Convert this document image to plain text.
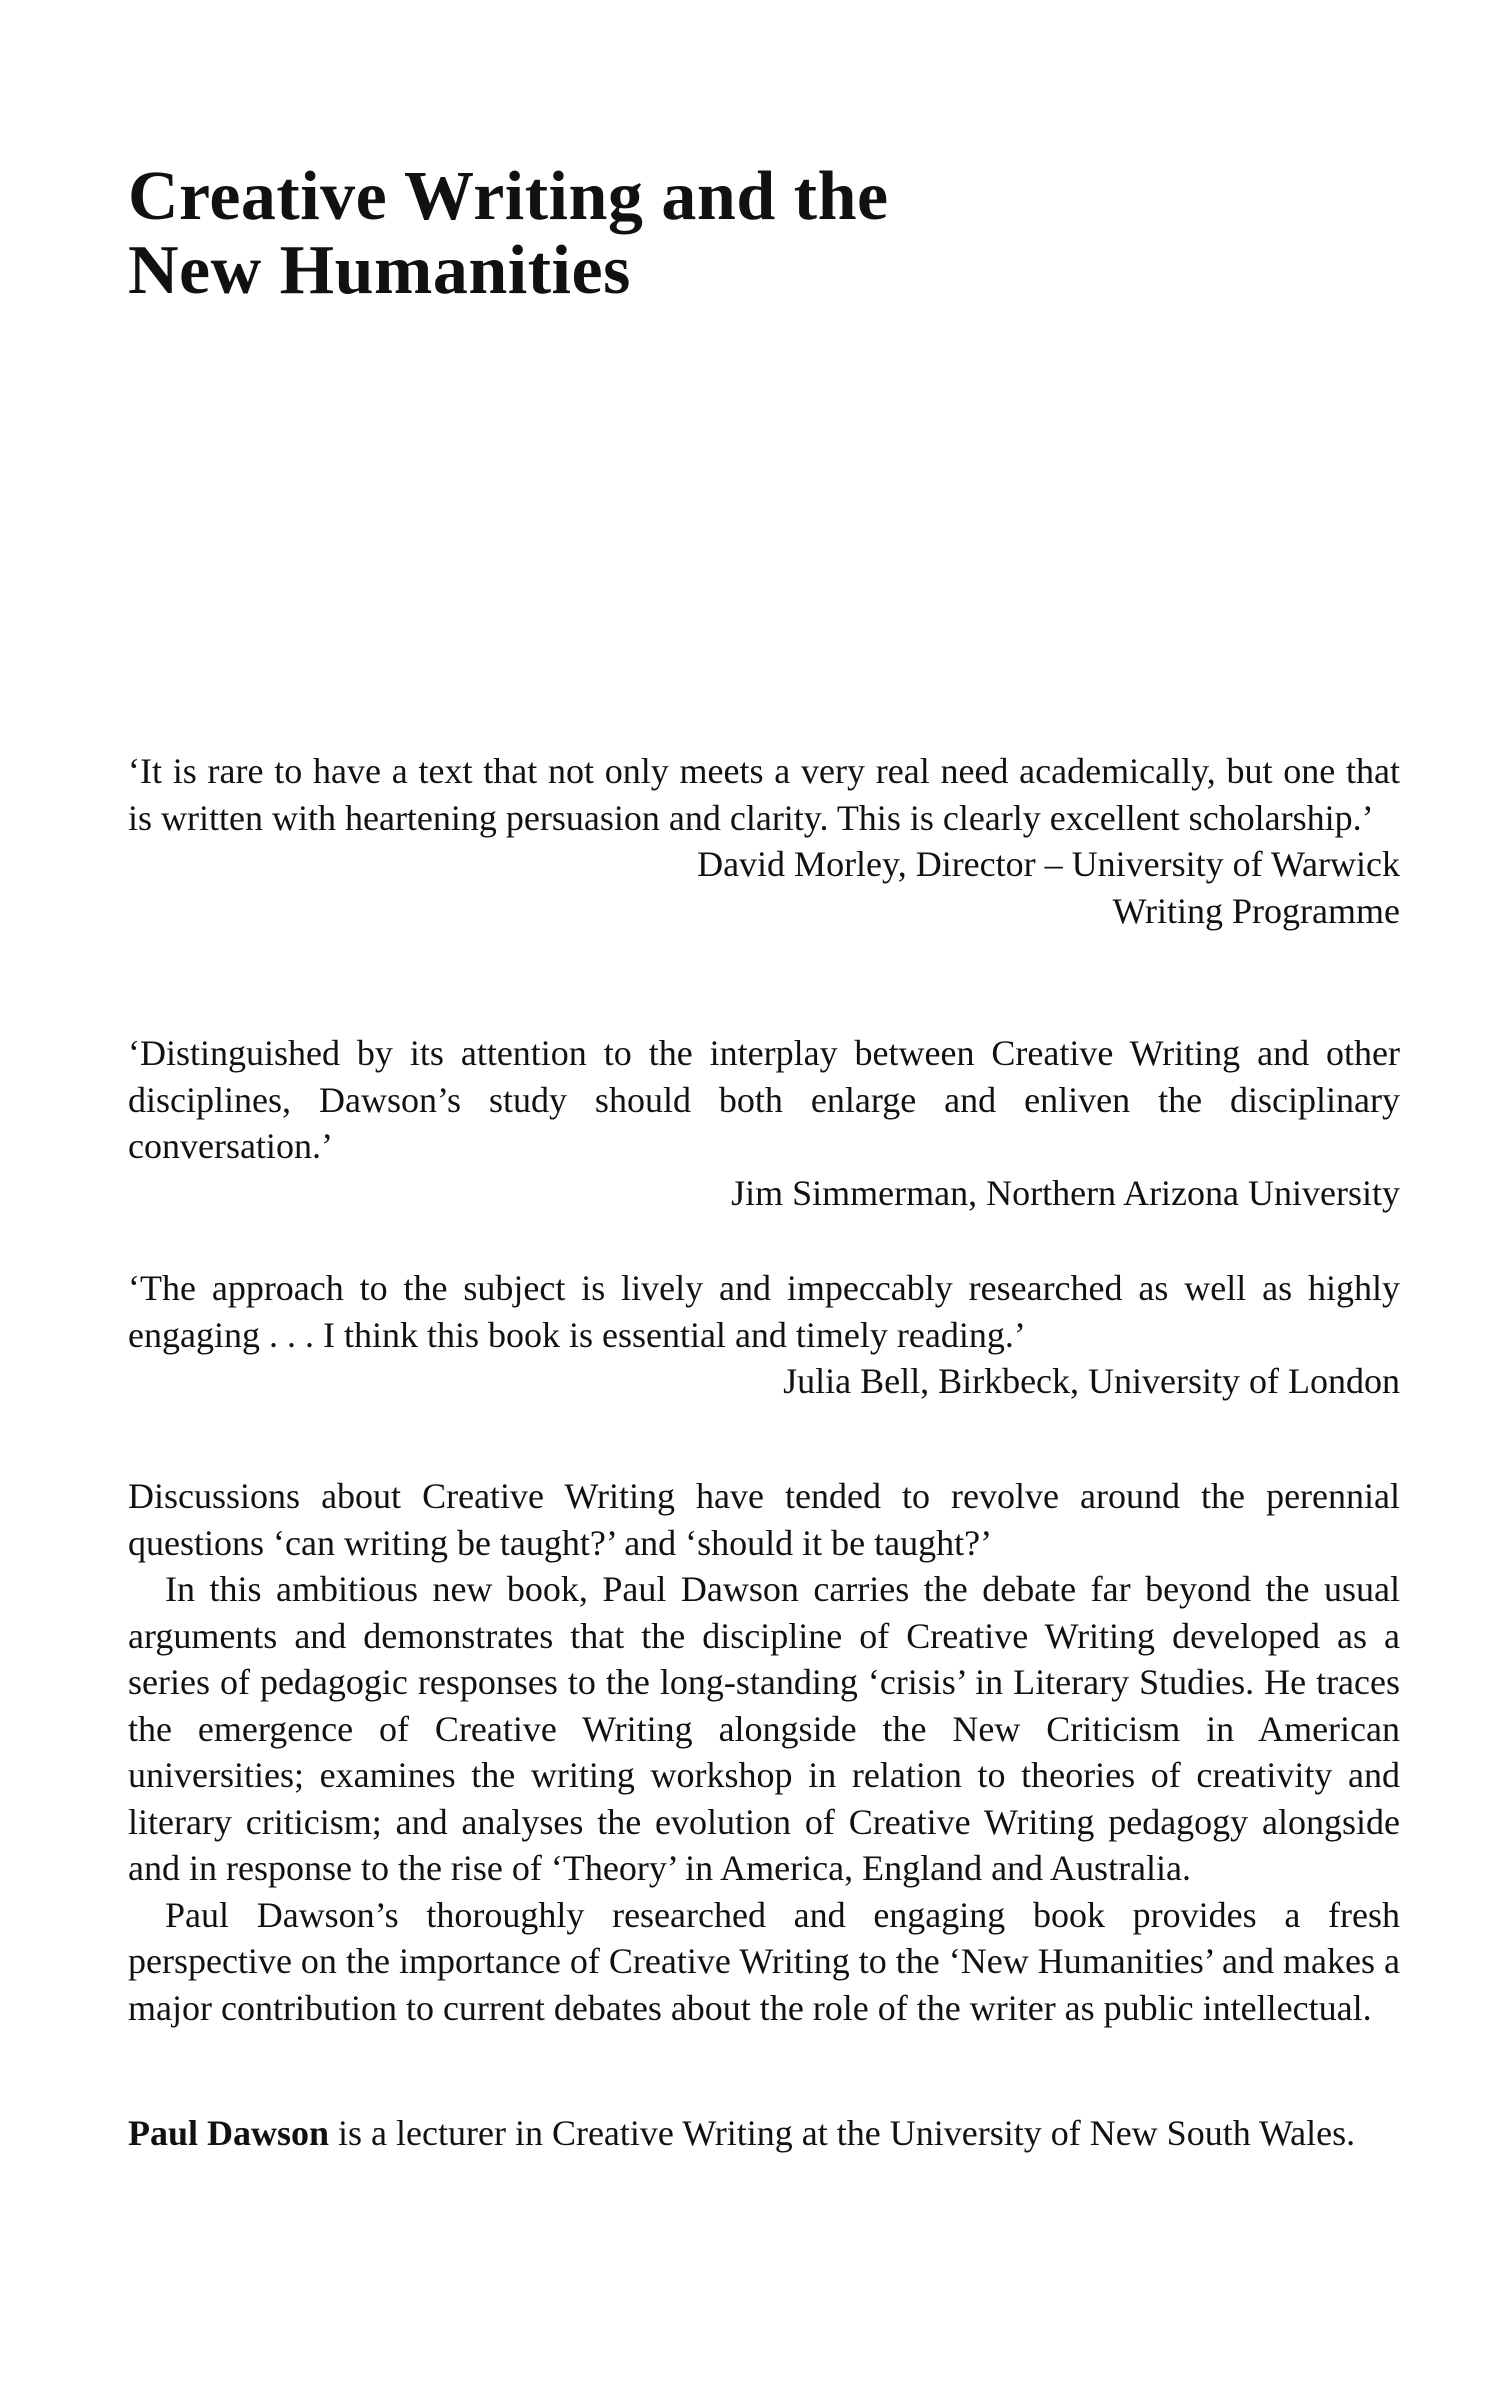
Creative Writing and the
New Humanities

‘It is rare to have a text that not only meets a very real need academically, but one that is written with heartening persuasion and clarity. This is clearly excellent scholarship.’

David Morley, Director – University of Warwick
Writing Programme

‘Distinguished by its attention to the interplay between Creative Writing and other disciplines, Dawson’s study should both enlarge and enliven the disciplinary conversation.’

Jim Simmerman, Northern Arizona University

‘The approach to the subject is lively and impeccably researched as well as highly engaging . . . I think this book is essential and timely reading.’

Julia Bell, Birkbeck, University of London

Discussions about Creative Writing have tended to revolve around the perennial questions ‘can writing be taught?’ and ‘should it be taught?’

In this ambitious new book, Paul Dawson carries the debate far beyond the usual arguments and demonstrates that the discipline of Creative Writing developed as a series of pedagogic responses to the long-standing ‘crisis’ in Literary Studies. He traces the emergence of Creative Writing alongside the New Criticism in American universities; examines the writing workshop in relation to theories of creativity and literary criticism; and analyses the evolution of Creative Writing pedagogy alongside and in response to the rise of ‘Theory’ in America, England and Australia.

Paul Dawson’s thoroughly researched and engaging book provides a fresh perspective on the importance of Creative Writing to the ‘New Humanities’ and makes a major contribution to current debates about the role of the writer as public intellectual.

Paul Dawson is a lecturer in Creative Writing at the University of New South Wales.
